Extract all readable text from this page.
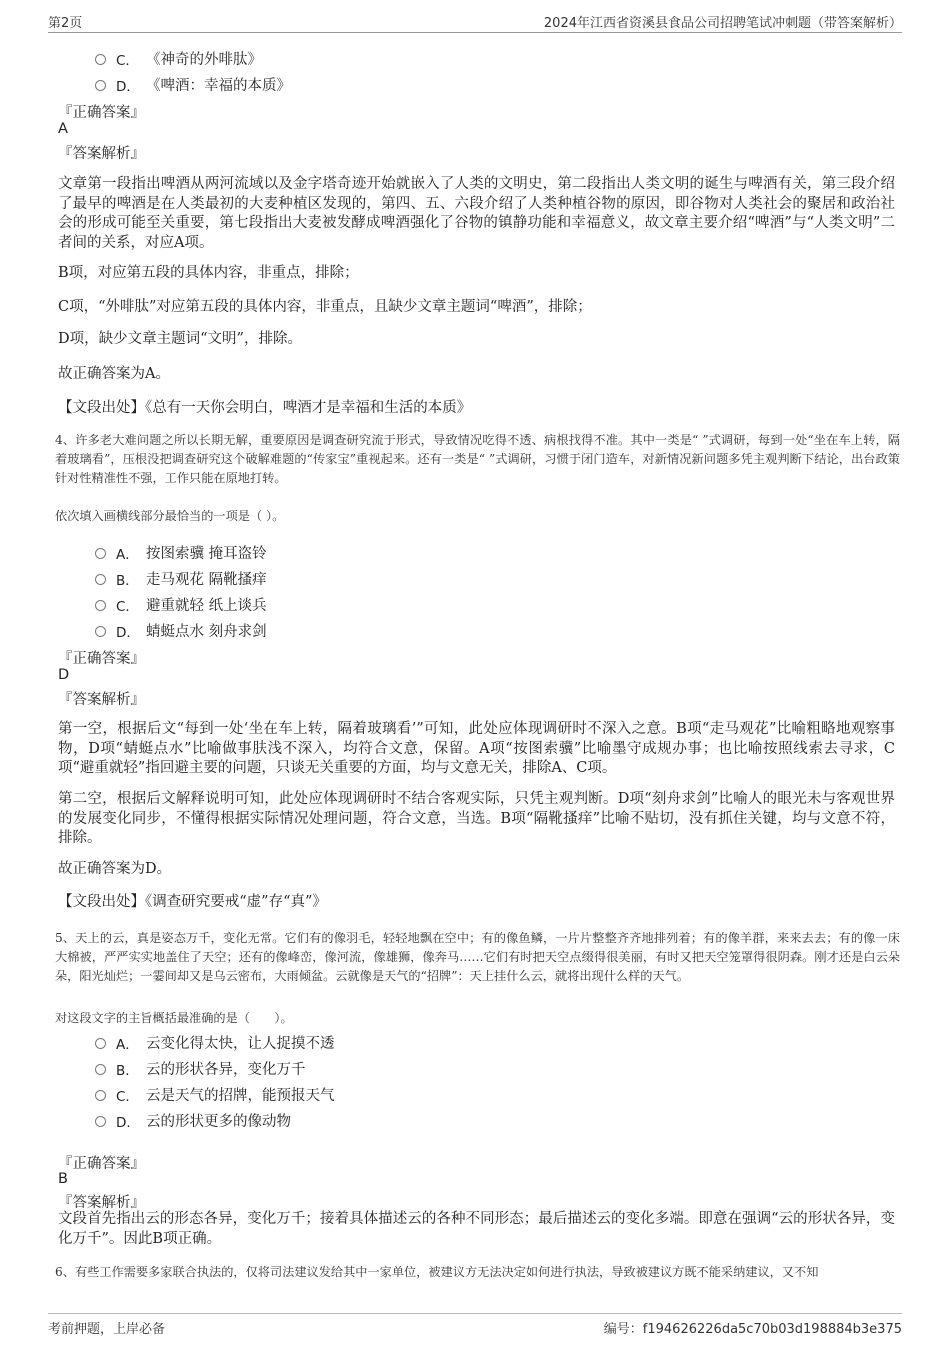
第2页	2024年江西省资溪县食品公司招聘笔试冲刺题（带答案解析）
C． 《神奇的外啡肽》
D． 《啤酒：幸福的本质》
『正确答案』
A
『答案解析』

文章第一段指出啤酒从两河流域以及金字塔奇迹开始就嵌入了人类的文明史，第二段指出人类文明的诞生与啤酒有关，第三段介绍了最早的啤酒是在人类最初的大麦种植区发现的，第四、五、六段介绍了人类种植谷物的原因，即谷物对人类社会的聚居和政治社会的形成可能至关重要，第七段指出大麦被发酵成啤酒强化了谷物的镇静功能和幸福意义，故文章主要介绍“啤酒”与“人类文明”二者间的关系，对应A项。

B项，对应第五段的具体内容，非重点，排除；

C项，“外啡肽”对应第五段的具体内容，非重点，且缺少文章主题词“啤酒”，排除；

D项，缺少文章主题词“文明”，排除。

故正确答案为A。

【文段出处】《总有一天你会明白，啤酒才是幸福和生活的本质》

4、许多老大难问题之所以长期无解，重要原因是调查研究流于形式，导致情况吃得不透、病根找得不准。其中一类是“ ”式调研，每到一处“坐在车上转，隔着玻璃看”，压根没把调查研究这个破解难题的“传家宝”重视起来。还有一类是“ ”式调研，习惯于闭门造车，对新情况新问题多凭主观判断下结论，出台政策针对性精准性不强，工作只能在原地打转。

依次填入画横线部分最恰当的一项是（ ）。

A． 按图索骥 掩耳盗铃
B． 走马观花 隔靴搔痒
C． 避重就轻 纸上谈兵
D． 蜻蜓点水 刻舟求剑
『正确答案』
D
『答案解析』

第一空，根据后文“每到一处‘坐在车上转，隔着玻璃看’”可知，此处应体现调研时不深入之意。B项“走马观花”比喻粗略地观察事物，D项“蜻蜓点水”比喻做事肤浅不深入，均符合文意，保留。A项“按图索骥”比喻墨守成规办事；也比喻按照线索去寻求，C项“避重就轻”指回避主要的问题，只谈无关重要的方面，均与文意无关，排除A、C项。

第二空，根据后文解释说明可知，此处应体现调研时不结合客观实际，只凭主观判断。D项“刻舟求剑”比喻人的眼光未与客观世界的发展变化同步，不懂得根据实际情况处理问题，符合文意，当选。B项“隔靴搔痒”比喻不贴切，没有抓住关键，均与文意不符，排除。

故正确答案为D。

【文段出处】《调查研究要戒“虚”存“真”》

5、天上的云，真是姿态万千，变化无常。它们有的像羽毛，轻轻地飘在空中；有的像鱼鳞，一片片整整齐齐地排列着；有的像羊群，来来去去；有的像一床大棉被，严严实实地盖住了天空；还有的像峰峦，像河流，像雄狮，像奔马……它们有时把天空点缀得很美丽，有时又把天空笼罩得很阴森。刚才还是白云朵朵，阳光灿烂；一霎间却又是乌云密布，大雨倾盆。云就像是天气的“招牌”：天上挂什么云，就将出现什么样的天气。

对这段文字的主旨概括最准确的是（　　）。

A． 云变化得太快，让人捉摸不透
B． 云的形状各异，变化万千
C． 云是天气的招牌，能预报天气
D． 云的形状更多的像动物
『正确答案』
B
『答案解析』

文段首先指出云的形态各异，变化万千；接着具体描述云的各种不同形态；最后描述云的变化多端。即意在强调“云的形状各异，变化万千”。因此B项正确。

6、有些工作需要多家联合执法的，仅将司法建议发给其中一家单位，被建议方无法决定如何进行执法，导致被建议方既不能采纳建议，又不知

考前押题，上岸必备	编号：f194626226da5c70b03d198884b3e375
